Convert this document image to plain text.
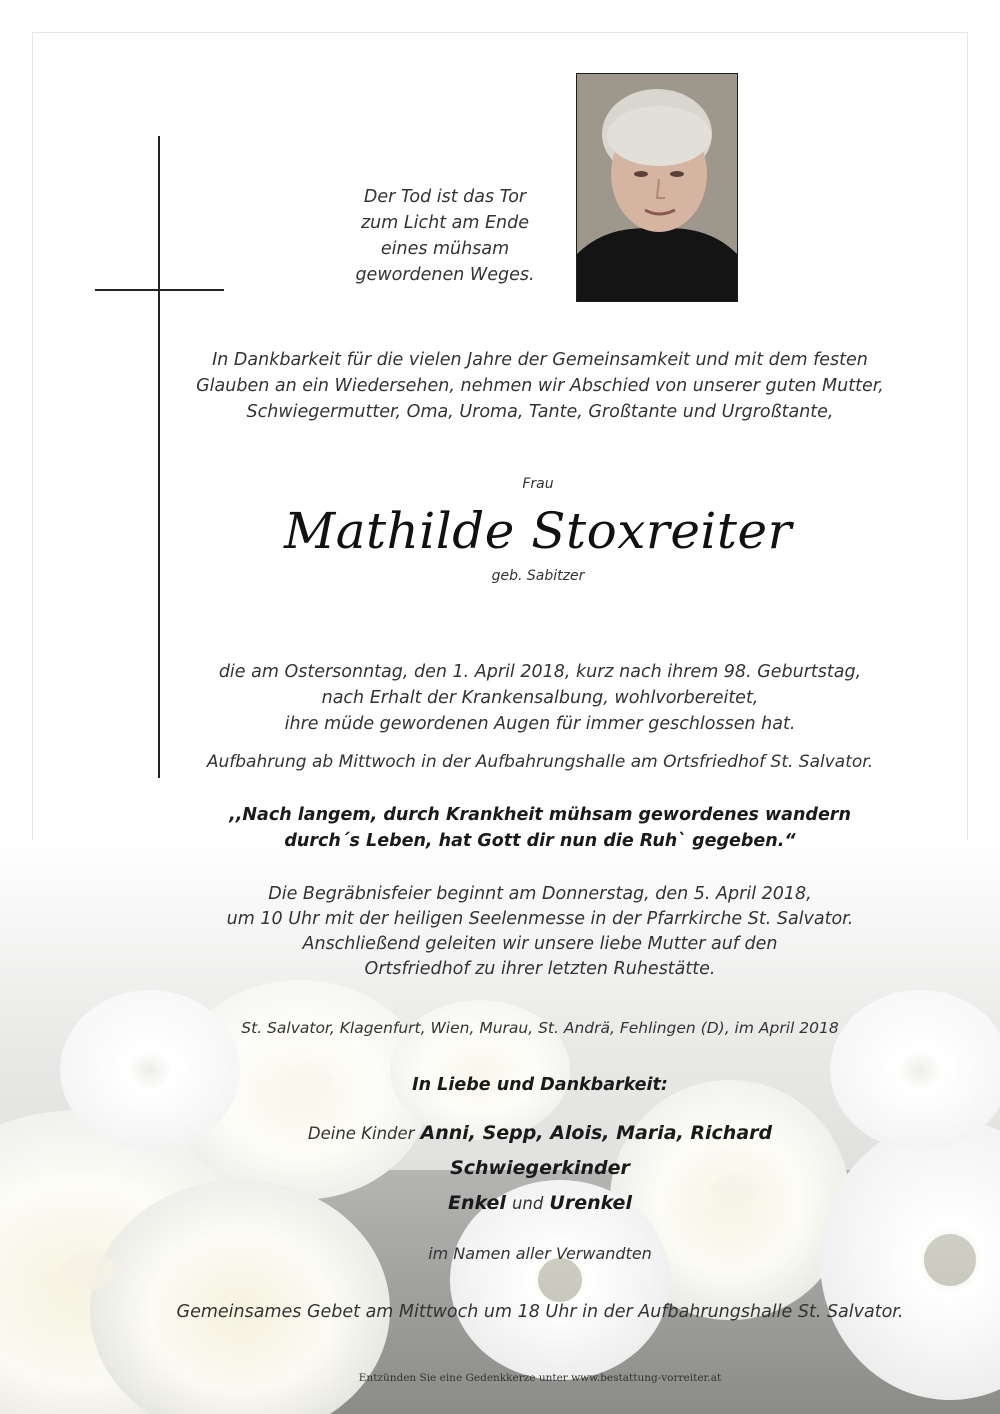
Der Tod ist das Tor
zum Licht am Ende
eines mühsam
gewordenen Weges.
In Dankbarkeit für die vielen Jahre der Gemeinsamkeit und mit dem festen
Glauben an ein Wiedersehen, nehmen wir Abschied von unserer guten Mutter,
Schwiegermutter, Oma, Uroma, Tante, Großtante und Urgroßtante,
Frau
Mathilde Stoxreiter
geb. Sabitzer
die am Ostersonntag, den 1. April 2018, kurz nach ihrem 98. Geburtstag,
nach Erhalt der Krankensalbung, wohlvorbereitet,
ihre müde gewordenen Augen für immer geschlossen hat.
Aufbahrung ab Mittwoch in der Aufbahrungshalle am Ortsfriedhof St. Salvator.
,,Nach langem, durch Krankheit mühsam gewordenes wandern
durch´s Leben, hat Gott dir nun die Ruh` gegeben.“
Die Begräbnisfeier beginnt am Donnerstag, den 5. April 2018,
um 10 Uhr mit der heiligen Seelenmesse in der Pfarrkirche St. Salvator.
Anschließend geleiten wir unsere liebe Mutter auf den
Ortsfriedhof zu ihrer letzten Ruhestätte.
St. Salvator, Klagenfurt, Wien, Murau, St. Andrä, Fehlingen (D), im April 2018
In Liebe und Dankbarkeit:
Deine Kinder Anni, Sepp, Alois, Maria, Richard
Schwiegerkinder
Enkel und Urenkel
im Namen aller Verwandten
Gemeinsames Gebet am Mittwoch um 18 Uhr in der Aufbahrungshalle St. Salvator.
Entzünden Sie eine Gedenkkerze unter www.bestattung-vorreiter.at
